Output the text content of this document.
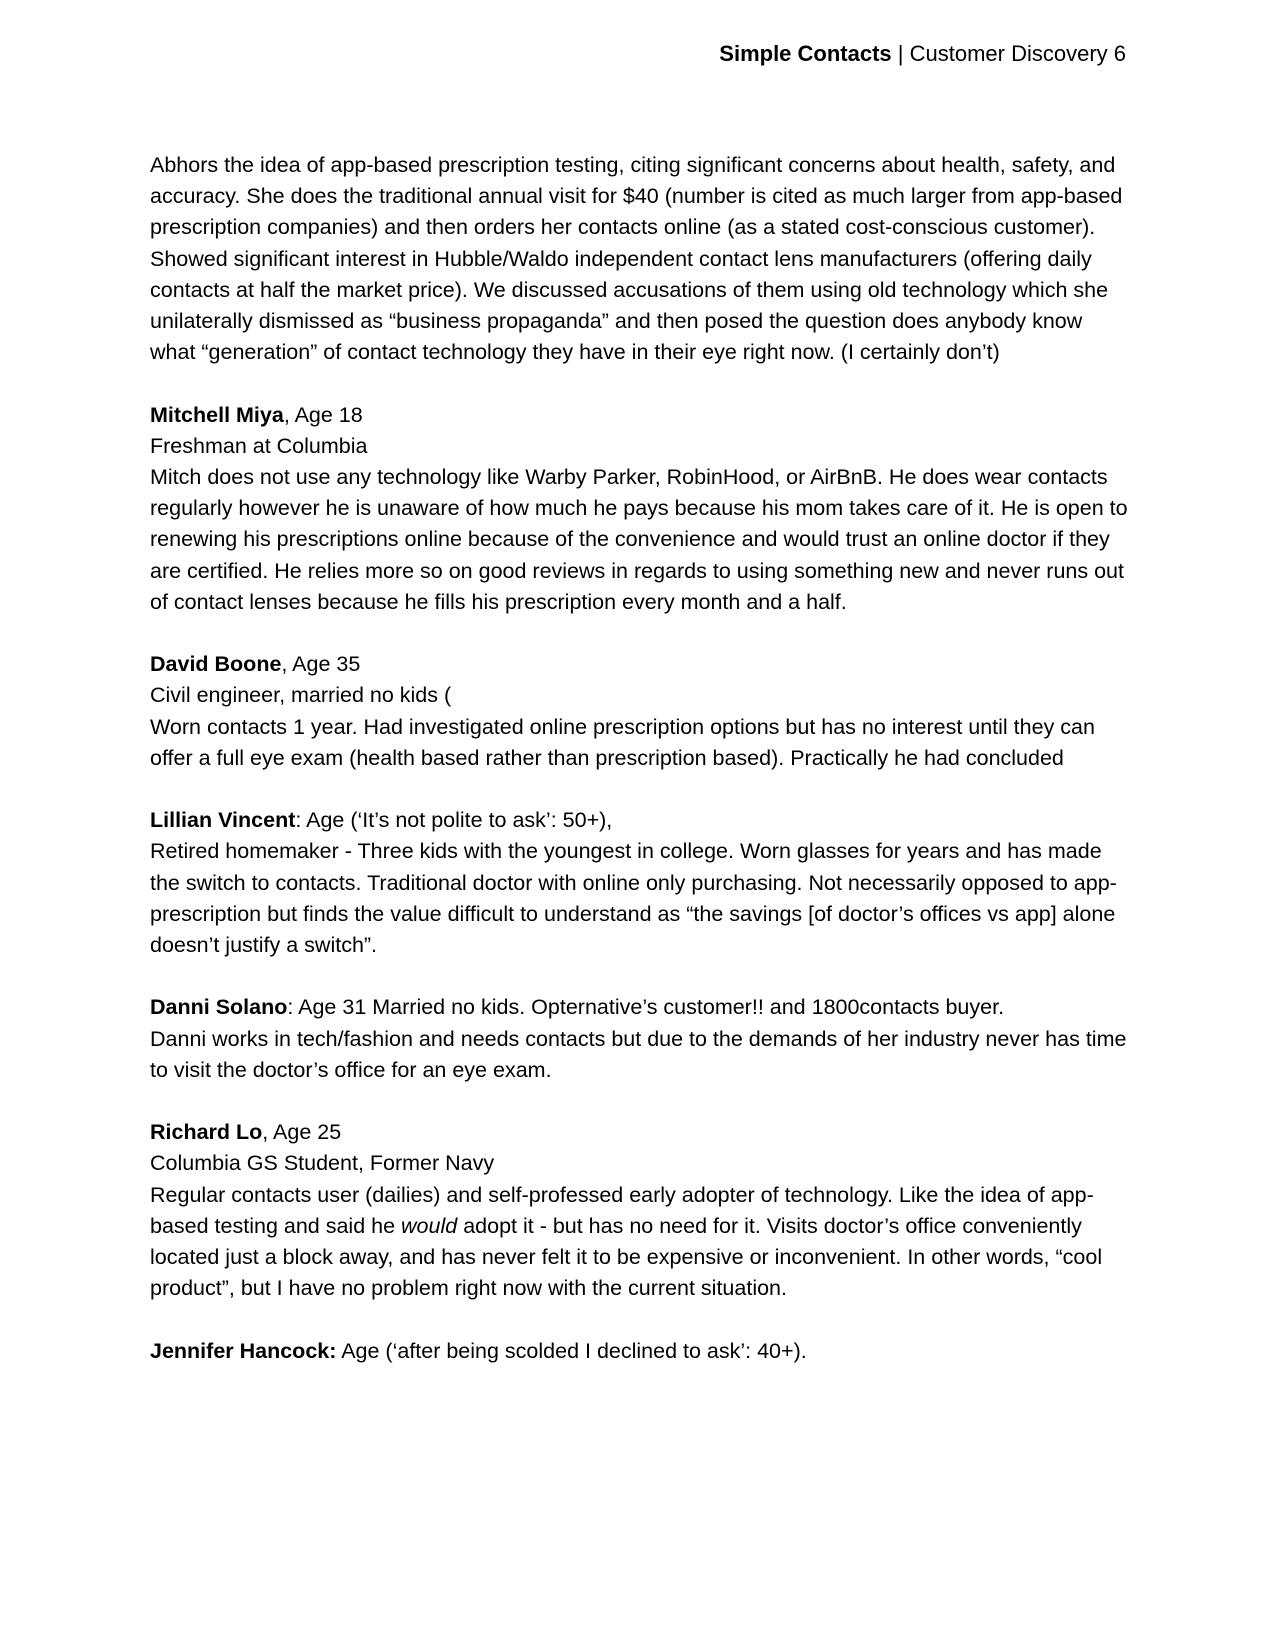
Simple Contacts | Customer Discovery 6

Abhors the idea of app-based prescription testing, citing significant concerns about health, safety, and accuracy. She does the traditional annual visit for $40 (number is cited as much larger from app-based prescription companies) and then orders her contacts online (as a stated cost-conscious customer). Showed significant interest in Hubble/Waldo independent contact lens manufacturers (offering daily contacts at half the market price). We discussed accusations of them using old technology which she unilaterally dismissed as “business propaganda” and then posed the question does anybody know what “generation” of contact technology they have in their eye right now. (I certainly don’t)

Mitchell Miya, Age 18
Freshman at Columbia
Mitch does not use any technology like Warby Parker, RobinHood, or AirBnB. He does wear contacts regularly however he is unaware of how much he pays because his mom takes care of it. He is open to renewing his prescriptions online because of the convenience and would trust an online doctor if they are certified. He relies more so on good reviews in regards to using something new and never runs out of contact lenses because he fills his prescription every month and a half.
David Boone, Age 35
Civil engineer, married no kids (
Worn contacts 1 year. Had investigated online prescription options but has no interest until they can offer a full eye exam (health based rather than prescription based). Practically he had concluded
Lillian Vincent: Age (‘It’s not polite to ask’: 50+),
Retired homemaker - Three kids with the youngest in college. Worn glasses for years and has made the switch to contacts. Traditional doctor with online only purchasing. Not necessarily opposed to app-prescription but finds the value difficult to understand as “the savings [of doctor’s offices vs app] alone doesn’t justify a switch”.
Danni Solano: Age 31 Married no kids. Opternative’s customer!! and 1800contacts buyer.
Danni works in tech/fashion and needs contacts but due to the demands of her industry never has time to visit the doctor’s office for an eye exam.
Richard Lo, Age 25
Columbia GS Student, Former Navy
Regular contacts user (dailies) and self-professed early adopter of technology. Like the idea of app-based testing and said he would adopt it - but has no need for it. Visits doctor’s office conveniently located just a block away, and has never felt it to be expensive or inconvenient. In other words, “cool product”, but I have no problem right now with the current situation.
Jennifer Hancock: Age (‘after being scolded I declined to ask’: 40+).
